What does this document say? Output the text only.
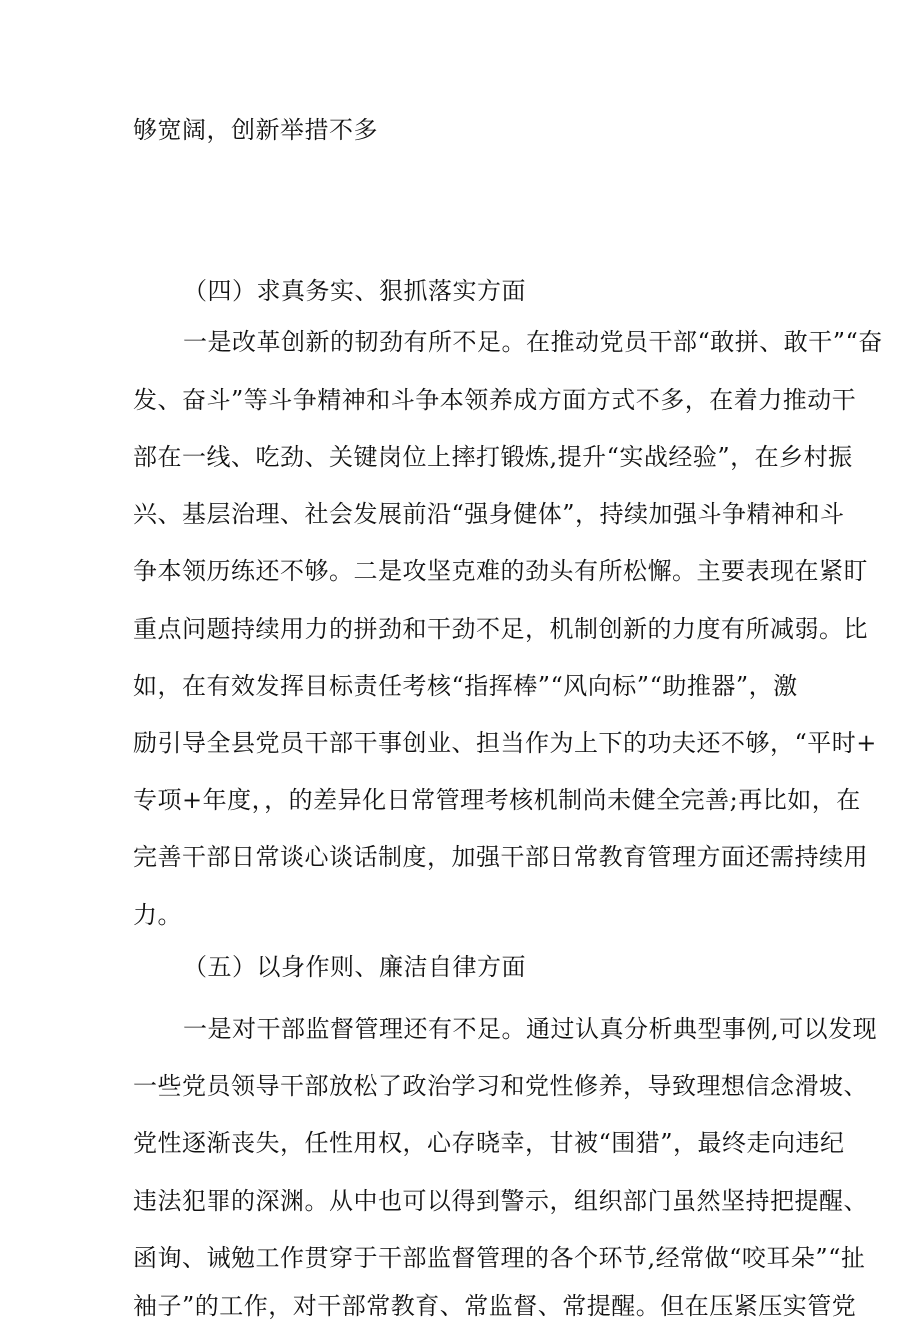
够宽阔，创新举措不多
（四）求真务实、狠抓落实方面
一是改革创新的韧劲有所不足。在推动党员干部“敢拼、敢干”“奋
发、奋斗”等斗争精神和斗争本领养成方面方式不多，在着力推动干
部在一线、吃劲、关键岗位上摔打锻炼,提升“实战经验”，在乡村振
兴、基层治理、社会发展前沿“强身健体”，持续加强斗争精神和斗
争本领历练还不够。二是攻坚克难的劲头有所松懈。主要表现在紧盯
重点问题持续用力的拼劲和干劲不足，机制创新的力度有所减弱。比
如，在有效发挥目标责任考核“指挥棒”“风向标”“助推器”，激
励引导全县党员干部干事创业、担当作为上下的功夫还不够，“平时+
专项+年度，，的差异化日常管理考核机制尚未健全完善;再比如，在
完善干部日常谈心谈话制度，加强干部日常教育管理方面还需持续用
力。
（五）以身作则、廉洁自律方面
一是对干部监督管理还有不足。通过认真分析典型事例,可以发现
一些党员领导干部放松了政治学习和党性修养，导致理想信念滑坡、
党性逐渐丧失，任性用权，心存晓幸，甘被“围猎”，最终走向违纪
违法犯罪的深渊。从中也可以得到警示，组织部门虽然坚持把提醒、
函询、诫勉工作贯穿于干部监督管理的各个环节,经常做“咬耳朵”“扯
袖子”的工作，对干部常教育、常监督、常提醒。但在压紧压实管党
